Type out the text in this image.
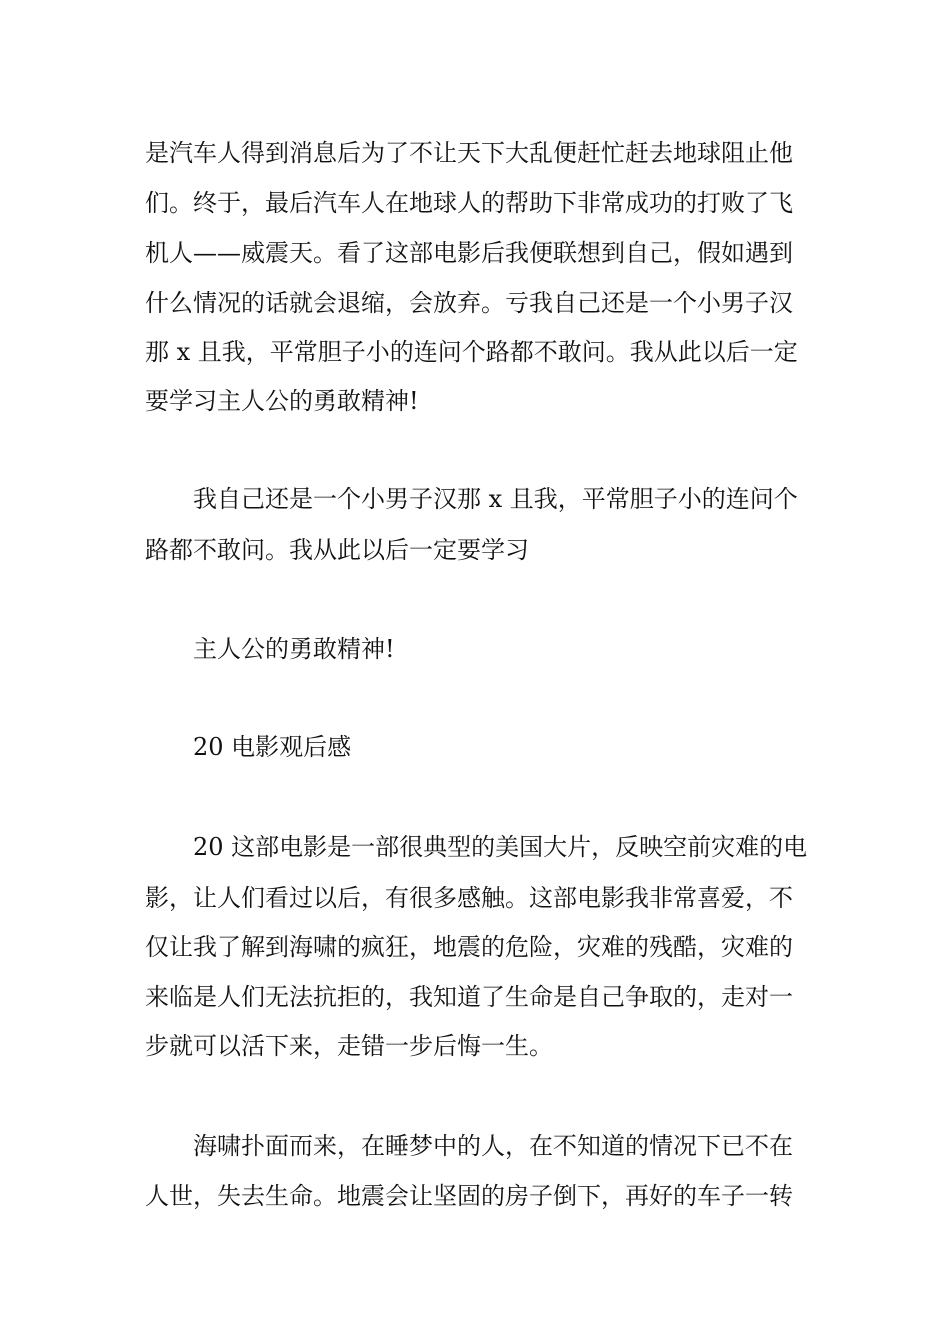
是汽车人得到消息后为了不让天下大乱便赶忙赶去地球阻止他
们。终于，最后汽车人在地球人的帮助下非常成功的打败了飞
机人——威震天。看了这部电影后我便联想到自己，假如遇到
什么情况的话就会退缩，会放弃。亏我自己还是一个小男子汉
那 x 且我，平常胆子小的连问个路都不敢问。我从此以后一定
要学习主人公的勇敢精神!
我自己还是一个小男子汉那 x 且我，平常胆子小的连问个
路都不敢问。我从此以后一定要学习
主人公的勇敢精神!
20 电影观后感
20 这部电影是一部很典型的美国大片，反映空前灾难的电
影，让人们看过以后，有很多感触。这部电影我非常喜爱，不
仅让我了解到海啸的疯狂，地震的危险，灾难的残酷，灾难的
来临是人们无法抗拒的，我知道了生命是自己争取的，走对一
步就可以活下来，走错一步后悔一生。
海啸扑面而来，在睡梦中的人，在不知道的情况下已不在
人世，失去生命。地震会让坚固的房子倒下，再好的车子一转
